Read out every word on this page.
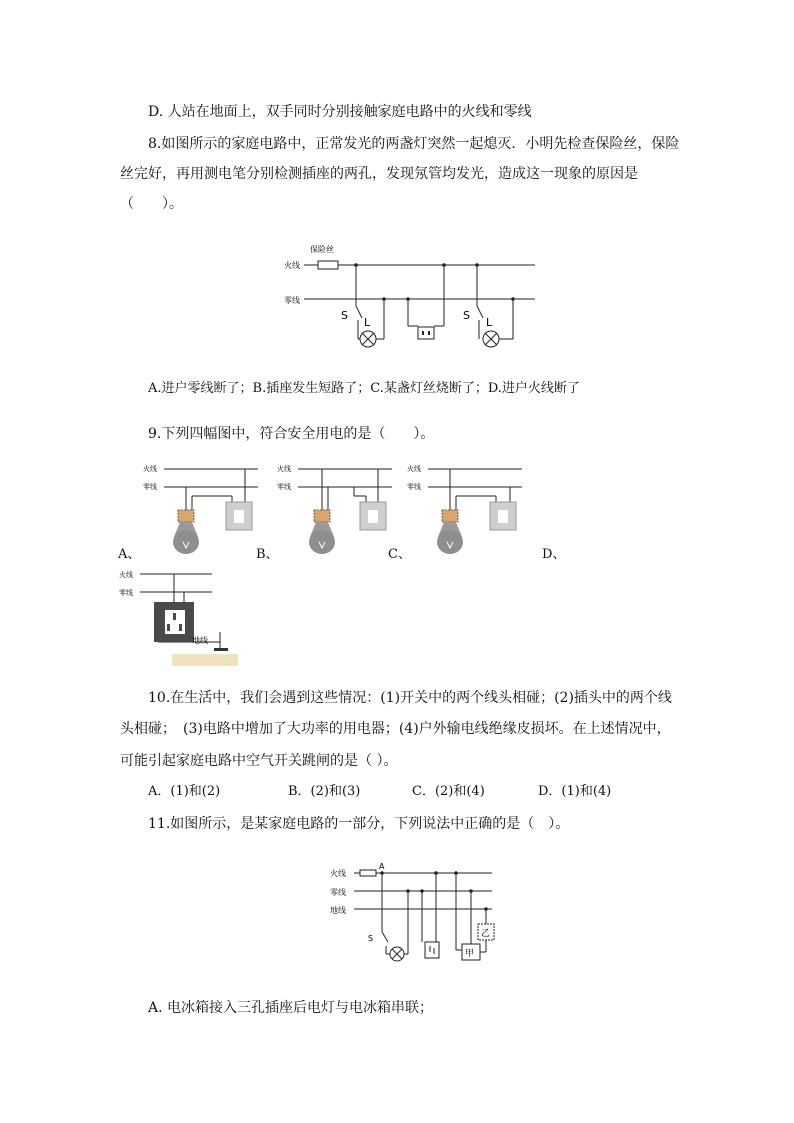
D. 人站在地面上，双手同时分别接触家庭电路中的火线和零线
8.如图所示的家庭电路中，正常发光的两盏灯突然一起熄灭．小明先检查保险丝，保险
丝完好，再用测电笔分别检测插座的两孔，发现氖管均发光，造成这一现象的原因是
（　　）。
保险丝
火线
零线
S
L
S
L
A.进户零线断了；B.插座发生短路了；C.某盏灯丝烧断了；D.进户火线断了
9.下列四幅图中，符合安全用电的是（　　）。
火线
零线
火线
零线
火线
零线
A、	B、	C、	D、
火线
零线
地线
10.在生活中，我们会遇到这些情况：(1)开关中的两个线头相碰；(2)插头中的两个线
头相碰；　(3)电路中增加了大功率的用电器；(4)户外输电线绝缘皮损坏。在上述情况中，
可能引起家庭电路中空气开关跳闸的是（ ）。
A．(1)和(2)	B．(2)和(3)	C．(2)和(4)	D．(1)和(4)
11.如图所示，是某家庭电路的一部分，下列说法中正确的是（　）。
火线
零线
地线
A
S
甲
乙
A. 电冰箱接入三孔插座后电灯与电冰箱串联；
